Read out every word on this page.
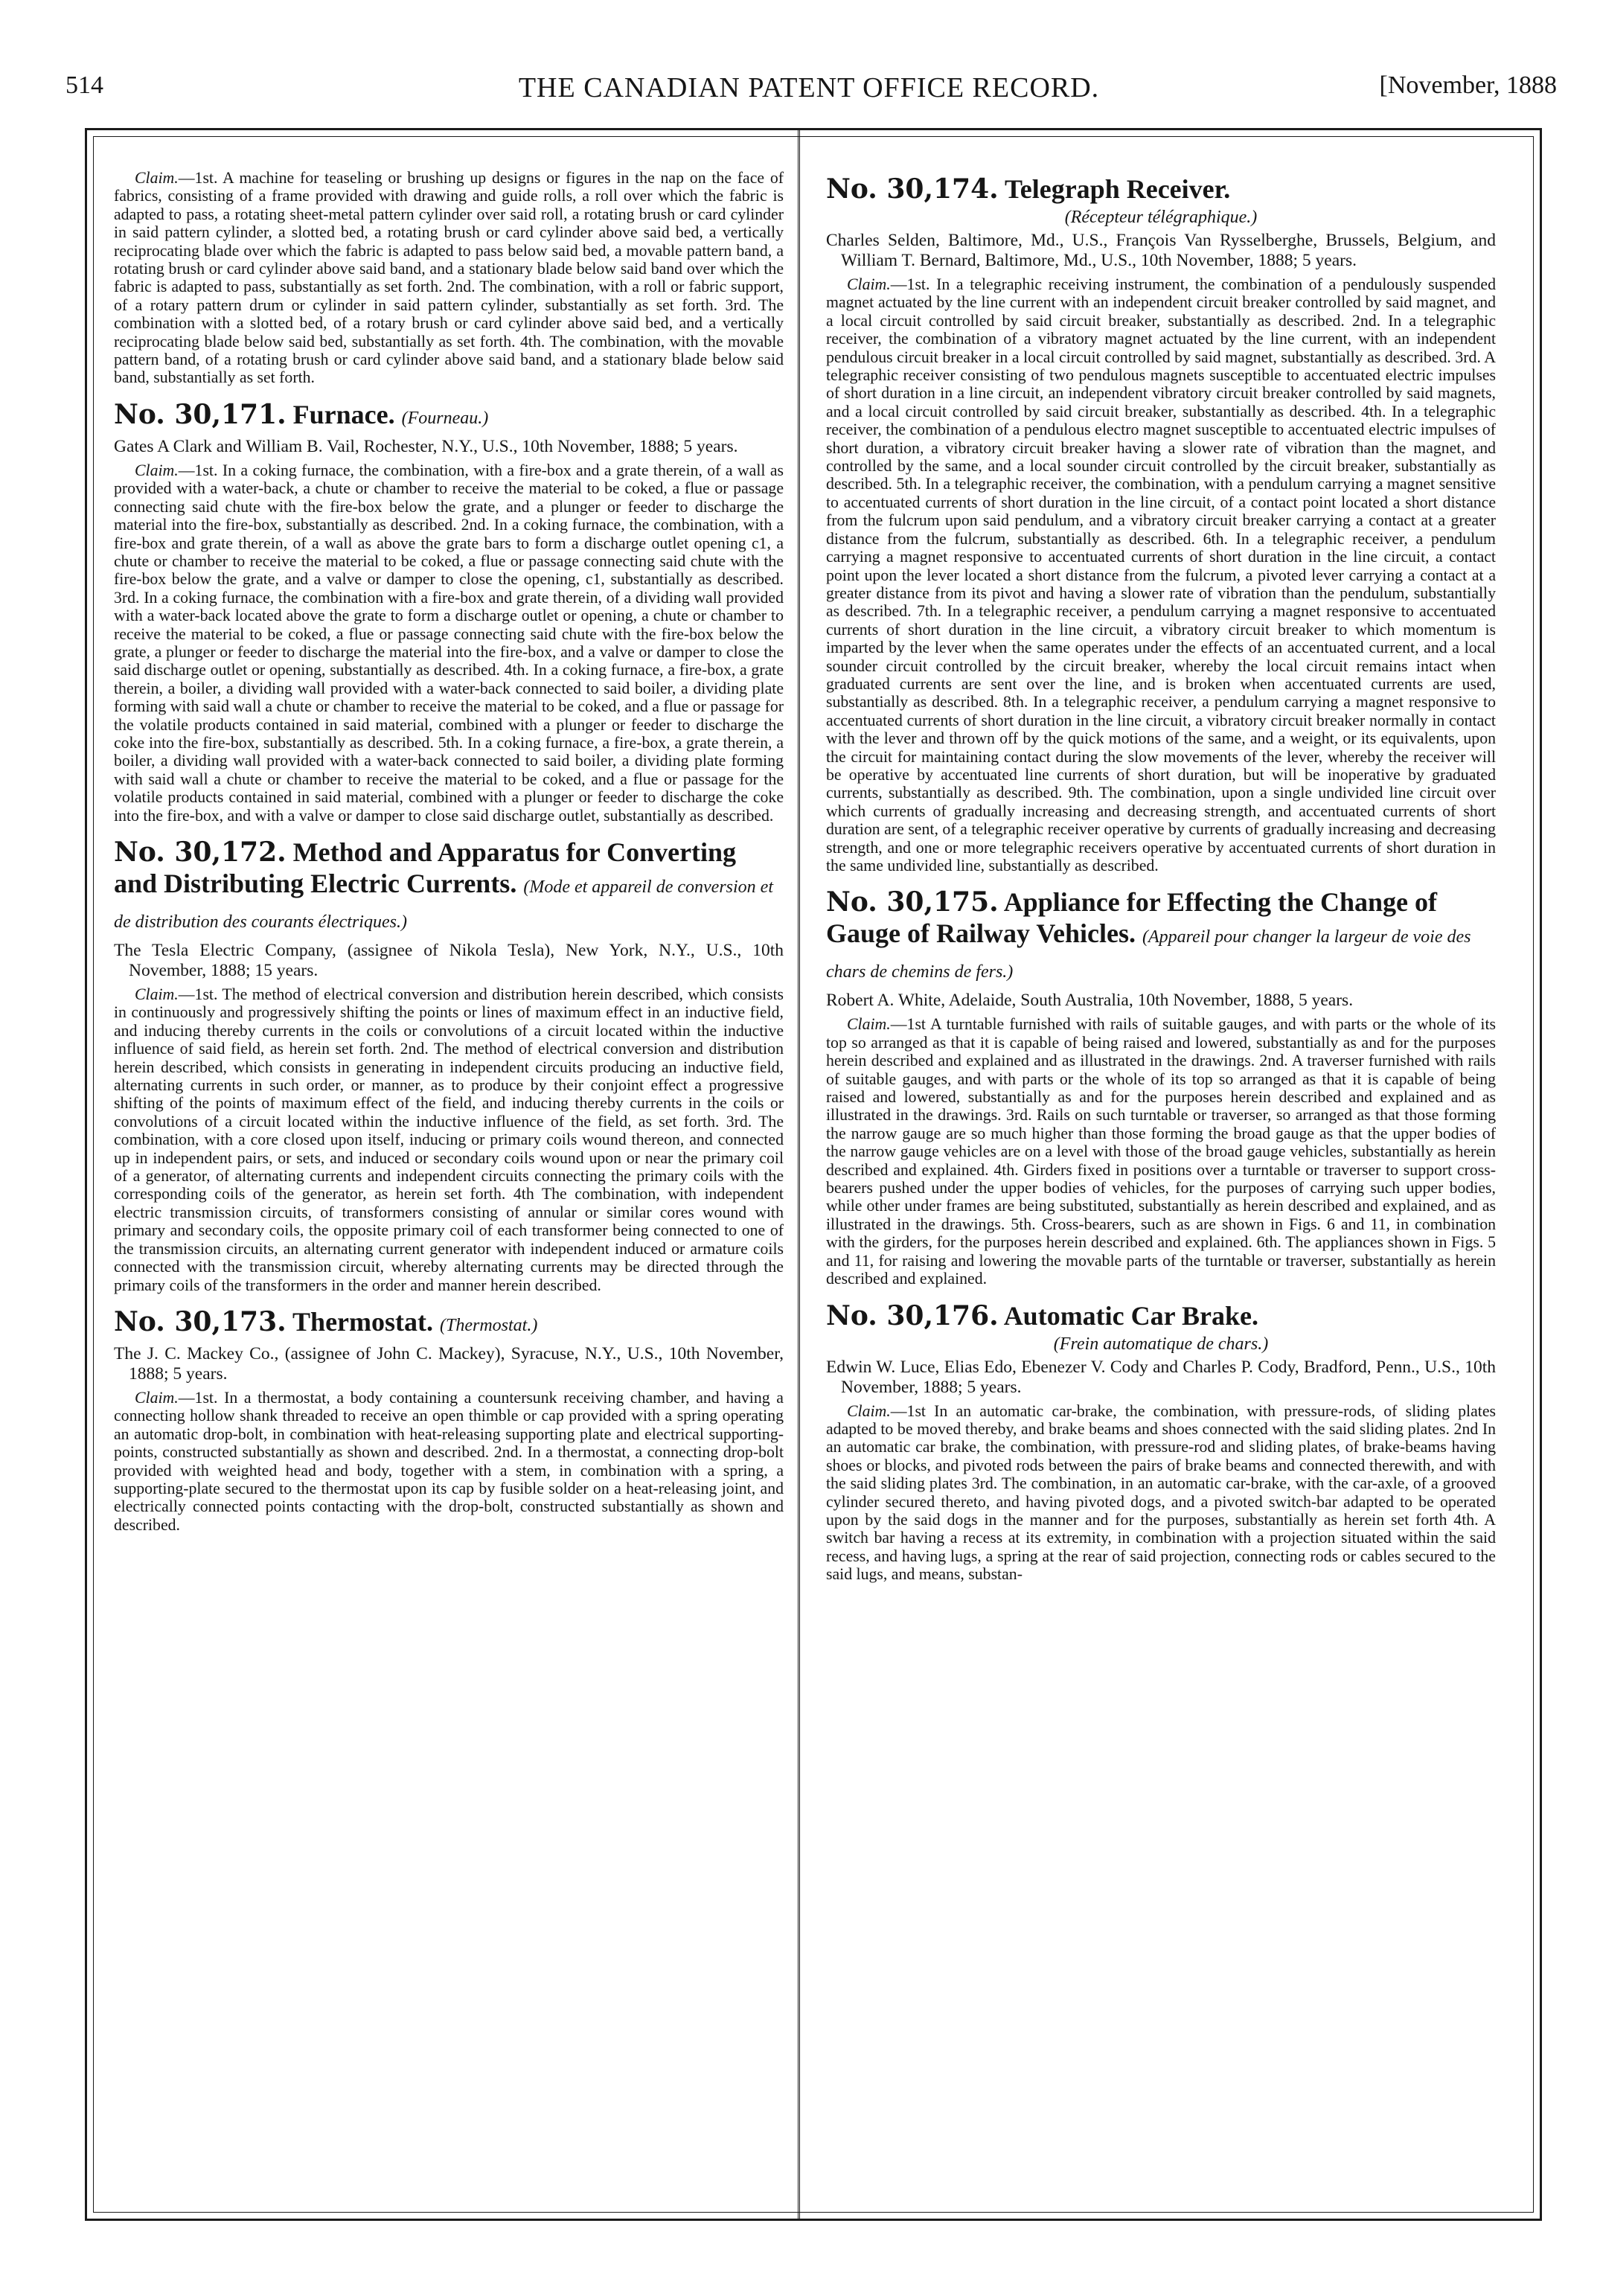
514	THE CANADIAN PATENT OFFICE RECORD.	[November, 1888

Claim.—1st. A machine for teaseling or brushing up designs or figures in the nap on the face of fabrics, consisting of a frame provided with drawing and guide rolls, a roll over which the fabric is adapted to pass, a rotating sheet-metal pattern cylinder over said roll, a rotating brush or card cylinder in said pattern cylinder, a slotted bed, a rotating brush or card cylinder above said bed, a vertically reciprocating blade over which the fabric is adapted to pass below said bed, a movable pattern band, a rotating brush or card cylinder above said band, and a stationary blade below said band over which the fabric is adapted to pass, substantially as set forth. 2nd. The combination, with a roll or fabric support, of a rotary pattern drum or cylinder in said pattern cylinder, substantially as set forth. 3rd. The combination with a slotted bed, of a rotary brush or card cylinder above said bed, and a vertically reciprocating blade below said bed, substantially as set forth. 4th. The combination, with the movable pattern band, of a rotating brush or card cylinder above said band, and a stationary blade below said band, substantially as set forth.

No. 30,171. Furnace. (Fourneau.)
Gates A Clark and William B. Vail, Rochester, N.Y., U.S., 10th November, 1888; 5 years.

Claim.—1st. In a coking furnace, the combination, with a fire-box and a grate therein, of a wall as provided with a water-back, a chute or chamber to receive the material to be coked, a flue or passage connecting said chute with the fire-box below the grate, and a plunger or feeder to discharge the material into the fire-box, substantially as described. 2nd. In a coking furnace, the combination, with a fire-box and grate therein, of a wall as above the grate bars to form a discharge outlet opening c1, a chute or chamber to receive the material to be coked, a flue or passage connecting said chute with the fire-box below the grate, and a valve or damper to close the opening, c1, substantially as described. 3rd. In a coking furnace, the combination with a fire-box and grate therein, of a dividing wall provided with a water-back located above the grate to form a discharge outlet or opening, a chute or chamber to receive the material to be coked, a flue or passage connecting said chute with the fire-box below the grate, a plunger or feeder to discharge the material into the fire-box, and a valve or damper to close the said discharge outlet or opening, substantially as described. 4th. In a coking furnace, a fire-box, a grate therein, a boiler, a dividing wall provided with a water-back connected to said boiler, a dividing plate forming with said wall a chute or chamber to receive the material to be coked, and a flue or passage for the volatile products contained in said material, combined with a plunger or feeder to discharge the coke into the fire-box, substantially as described. 5th. In a coking furnace, a fire-box, a grate therein, a boiler, a dividing wall provided with a water-back connected to said boiler, a dividing plate forming with said wall a chute or chamber to receive the material to be coked, and a flue or passage for the volatile products contained in said material, combined with a plunger or feeder to discharge the coke into the fire-box, and with a valve or damper to close said discharge outlet, substantially as described.

No. 30,172. Method and Apparatus for Converting and Distributing Electric Currents. (Mode et appareil de conversion et de distribution des courants électriques.)
The Tesla Electric Company, (assignee of Nikola Tesla), New York, N.Y., U.S., 10th November, 1888; 15 years.

Claim.—1st. The method of electrical conversion and distribution herein described, which consists in continuously and progressively shifting the points or lines of maximum effect in an inductive field, and inducing thereby currents in the coils or convolutions of a circuit located within the inductive influence of said field, as herein set forth. 2nd. The method of electrical conversion and distribution herein described, which consists in generating in independent circuits producing an inductive field, alternating currents in such order, or manner, as to produce by their conjoint effect a progressive shifting of the points of maximum effect of the field, and inducing thereby currents in the coils or convolutions of a circuit located within the inductive influence of the field, as set forth. 3rd. The combination, with a core closed upon itself, inducing or primary coils wound thereon, and connected up in independent pairs, or sets, and induced or secondary coils wound upon or near the primary coil of a generator, of alternating currents and independent circuits connecting the primary coils with the corresponding coils of the generator, as herein set forth. 4th The combination, with independent electric transmission circuits, of transformers consisting of annular or similar cores wound with primary and secondary coils, the opposite primary coil of each transformer being connected to one of the transmission circuits, an alternating current generator with independent induced or armature coils connected with the transmission circuit, whereby alternating currents may be directed through the primary coils of the transformers in the order and manner herein described.

No. 30,173. Thermostat. (Thermostat.)
The J. C. Mackey Co., (assignee of John C. Mackey), Syracuse, N.Y., U.S., 10th November, 1888; 5 years.

Claim.—1st. In a thermostat, a body containing a countersunk receiving chamber, and having a connecting hollow shank threaded to receive an open thimble or cap provided with a spring operating an automatic drop-bolt, in combination with heat-releasing supporting plate and electrical supporting-points, constructed substantially as shown and described. 2nd. In a thermostat, a connecting drop-bolt provided with weighted head and body, together with a stem, in combination with a spring, a supporting-plate secured to the thermostat upon its cap by fusible solder on a heat-releasing joint, and electrically connected points contacting with the drop-bolt, constructed substantially as shown and described.

No. 30,174. Telegraph Receiver.
(Récepteur télégraphique.)
Charles Selden, Baltimore, Md., U.S., François Van Rysselberghe, Brussels, Belgium, and William T. Bernard, Baltimore, Md., U.S., 10th November, 1888; 5 years.

Claim.—1st. In a telegraphic receiving instrument, the combination of a pendulously suspended magnet actuated by the line current with an independent circuit breaker controlled by said magnet, and a local circuit controlled by said circuit breaker, substantially as described. 2nd. In a telegraphic receiver, the combination of a vibratory magnet actuated by the line current, with an independent pendulous circuit breaker in a local circuit controlled by said magnet, substantially as described. 3rd. A telegraphic receiver consisting of two pendulous magnets susceptible to accentuated electric impulses of short duration in a line circuit, an independent vibratory circuit breaker controlled by said magnets, and a local circuit controlled by said circuit breaker, substantially as described. 4th. In a telegraphic receiver, the combination of a pendulous electro magnet susceptible to accentuated electric impulses of short duration, a vibratory circuit breaker having a slower rate of vibration than the magnet, and controlled by the same, and a local sounder circuit controlled by the circuit breaker, substantially as described. 5th. In a telegraphic receiver, the combination, with a pendulum carrying a magnet sensitive to accentuated currents of short duration in the line circuit, of a contact point located a short distance from the fulcrum upon said pendulum, and a vibratory circuit breaker carrying a contact at a greater distance from the fulcrum, substantially as described. 6th. In a telegraphic receiver, a pendulum carrying a magnet responsive to accentuated currents of short duration in the line circuit, a contact point upon the lever located a short distance from the fulcrum, a pivoted lever carrying a contact at a greater distance from its pivot and having a slower rate of vibration than the pendulum, substantially as described. 7th. In a telegraphic receiver, a pendulum carrying a magnet responsive to accentuated currents of short duration in the line circuit, a vibratory circuit breaker to which momentum is imparted by the lever when the same operates under the effects of an accentuated current, and a local sounder circuit controlled by the circuit breaker, whereby the local circuit remains intact when graduated currents are sent over the line, and is broken when accentuated currents are used, substantially as described. 8th. In a telegraphic receiver, a pendulum carrying a magnet responsive to accentuated currents of short duration in the line circuit, a vibratory circuit breaker normally in contact with the lever and thrown off by the quick motions of the same, and a weight, or its equivalents, upon the circuit for maintaining contact during the slow movements of the lever, whereby the receiver will be operative by accentuated line currents of short duration, but will be inoperative by graduated currents, substantially as described. 9th. The combination, upon a single undivided line circuit over which currents of gradually increasing and decreasing strength, and accentuated currents of short duration are sent, of a telegraphic receiver operative by currents of gradually increasing and decreasing strength, and one or more telegraphic receivers operative by accentuated currents of short duration in the same undivided line, substantially as described.

No. 30,175. Appliance for Effecting the Change of Gauge of Railway Vehicles. (Appareil pour changer la largeur de voie des chars de chemins de fers.)
Robert A. White, Adelaide, South Australia, 10th November, 1888, 5 years.

Claim.—1st A turntable furnished with rails of suitable gauges, and with parts or the whole of its top so arranged as that it is capable of being raised and lowered, substantially as and for the purposes herein described and explained and as illustrated in the drawings. 2nd. A traverser furnished with rails of suitable gauges, and with parts or the whole of its top so arranged as that it is capable of being raised and lowered, substantially as and for the purposes herein described and explained and as illustrated in the drawings. 3rd. Rails on such turntable or traverser, so arranged as that those forming the narrow gauge are so much higher than those forming the broad gauge as that the upper bodies of the narrow gauge vehicles are on a level with those of the broad gauge vehicles, substantially as herein described and explained. 4th. Girders fixed in positions over a turntable or traverser to support cross-bearers pushed under the upper bodies of vehicles, for the purposes of carrying such upper bodies, while other under frames are being substituted, substantially as herein described and explained, and as illustrated in the drawings. 5th. Cross-bearers, such as are shown in Figs. 6 and 11, in combination with the girders, for the purposes herein described and explained. 6th. The appliances shown in Figs. 5 and 11, for raising and lowering the movable parts of the turntable or traverser, substantially as herein described and explained.

No. 30,176. Automatic Car Brake.
(Frein automatique de chars.)
Edwin W. Luce, Elias Edo, Ebenezer V. Cody and Charles P. Cody, Bradford, Penn., U.S., 10th November, 1888; 5 years.

Claim.—1st In an automatic car-brake, the combination, with pressure-rods, of sliding plates adapted to be moved thereby, and brake beams and shoes connected with the said sliding plates. 2nd In an automatic car brake, the combination, with pressure-rod and sliding plates, of brake-beams having shoes or blocks, and pivoted rods between the pairs of brake beams and connected therewith, and with the said sliding plates 3rd. The combination, in an automatic car-brake, with the car-axle, of a grooved cylinder secured thereto, and having pivoted dogs, and a pivoted switch-bar adapted to be operated upon by the said dogs in the manner and for the purposes, substantially as herein set forth 4th. A switch bar having a recess at its extremity, in combination with a projection situated within the said recess, and having lugs, a spring at the rear of said projection, connecting rods or cables secured to the said lugs, and means, substan-
